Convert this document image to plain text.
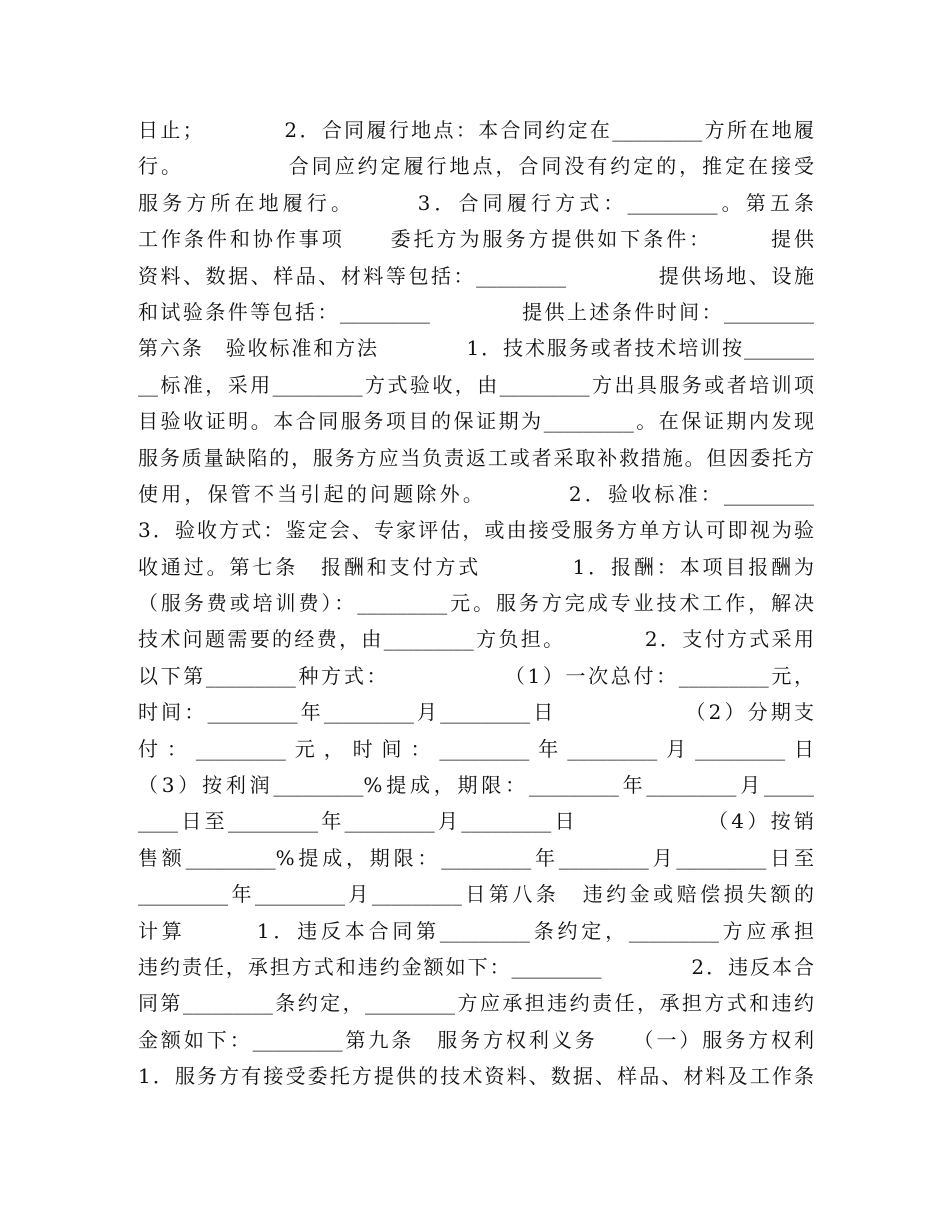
日止；　　　　2．合同履行地点：本合同约定在_________方所在地履
行。　　　　　合同应约定履行地点，合同没有约定的，推定在接受
服务方所在地履行。　　　3．合同履行方式：_________。第五条
工作条件和协作事项　　委托方为服务方提供如下条件：　　　提供
资料、数据、样品、材料等包括：_________　　　　提供场地、设施
和试验条件等包括：_________　　　　提供上述条件时间：_________
第六条　验收标准和方法　　　　1．技术服务或者技术培训按_______
__标准，采用_________方式验收，由_________方出具服务或者培训项
目验收证明。本合同服务项目的保证期为_________。在保证期内发现
服务质量缺陷的，服务方应当负责返工或者采取补救措施。但因委托方
使用，保管不当引起的问题除外。　　　　2．验收标准：_________
3．验收方式：鉴定会、专家评估，或由接受服务方单方认可即视为验
收通过。第七条　报酬和支付方式　　　　1．报酬：本项目报酬为
（服务费或培训费）：_________元。服务方完成专业技术工作，解决
技术问题需要的经费，由_________方负担。　　　　2．支付方式采用
以下第_________种方式：　　　　　　（1）一次总付：_________元，
时间：_________年_________月_________日　　　　　　（2）分期支
付：_________元，时间：_________年_________月_________日
（3）按利润_________%提成，期限：_________年_________月_____
____日至_________年_________月_________日　　　　　　（4）按销
售额_________%提成，期限：_________年_________月_________日至
_________年_________月_________日第八条　违约金或赔偿损失额的
计算　　　1．违反本合同第_________条约定，_________方应承担
违约责任，承担方式和违约金额如下：_________　　　　2．违反本合
同第_________条约定，_________方应承担违约责任，承担方式和违约
金额如下：_________第九条　服务方权利义务　　（一）服务方权利
1．服务方有接受委托方提供的技术资料、数据、样品、材料及工作条
